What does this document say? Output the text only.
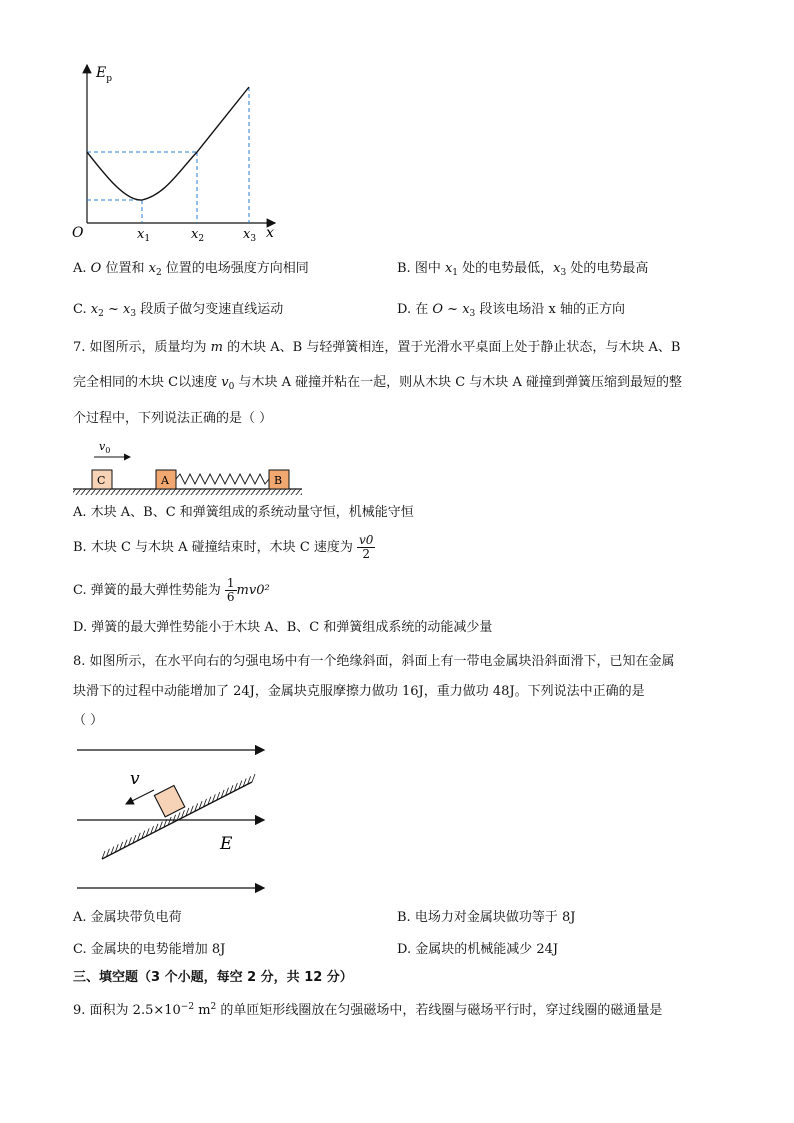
$E_p$
O	x
$x_1$	$x_2$	$x_3$
A. O 位置和 $x_2$ 位置的电场强度方向相同	B. 图中 $x_1$ 处的电势最低，$x_3$ 处的电势最高
C. $x_2$ ~ $x_3$ 段质子做匀变速直线运动	D. 在 O ~ $x_3$ 段该电场沿 x 轴的正方向
7. 如图所示，质量均为 m 的木块 A、B 与轻弹簧相连，置于光滑水平桌面上处于静止状态，与木块 A、B
完全相同的木块 C以速度 $v_0$ 与木块 A 碰撞并粘在一起，则从木块 C 与木块 A 碰撞到弹簧压缩到最短的整
个过程中，下列说法正确的是（ ）
$v_0$
C	A	B
A. 木块 A、B、C 和弹簧组成的系统动量守恒，机械能守恒
B. 木块 C 与木块 A 碰撞结束时，木块 C 速度为 $\frac{v0}{2}$
C. 弹簧的最大弹性势能为 $\frac{1}{6} mv0^2$
D. 弹簧的最大弹性势能小于木块 A、B、C 和弹簧组成系统的动能减少量
8. 如图所示，在水平向右的匀强电场中有一个绝缘斜面，斜面上有一带电金属块沿斜面滑下，已知在金属
块滑下的过程中动能增加了 24J，金属块克服摩擦力做功 16J，重力做功 48J。下列说法中正确的是
（ ）
v
E
A. 金属块带负电荷	B. 电场力对金属块做功等于 8J
C. 金属块的电势能增加 8J	D. 金属块的机械能减少 24J
三、填空题（3 个小题，每空 2 分，共 12 分）
9. 面积为 $2.5\times 10^{-2}$ $m^2$ 的单匝矩形线圈放在匀强磁场中，若线圈与磁场平行时，穿过线圈的磁通量是
